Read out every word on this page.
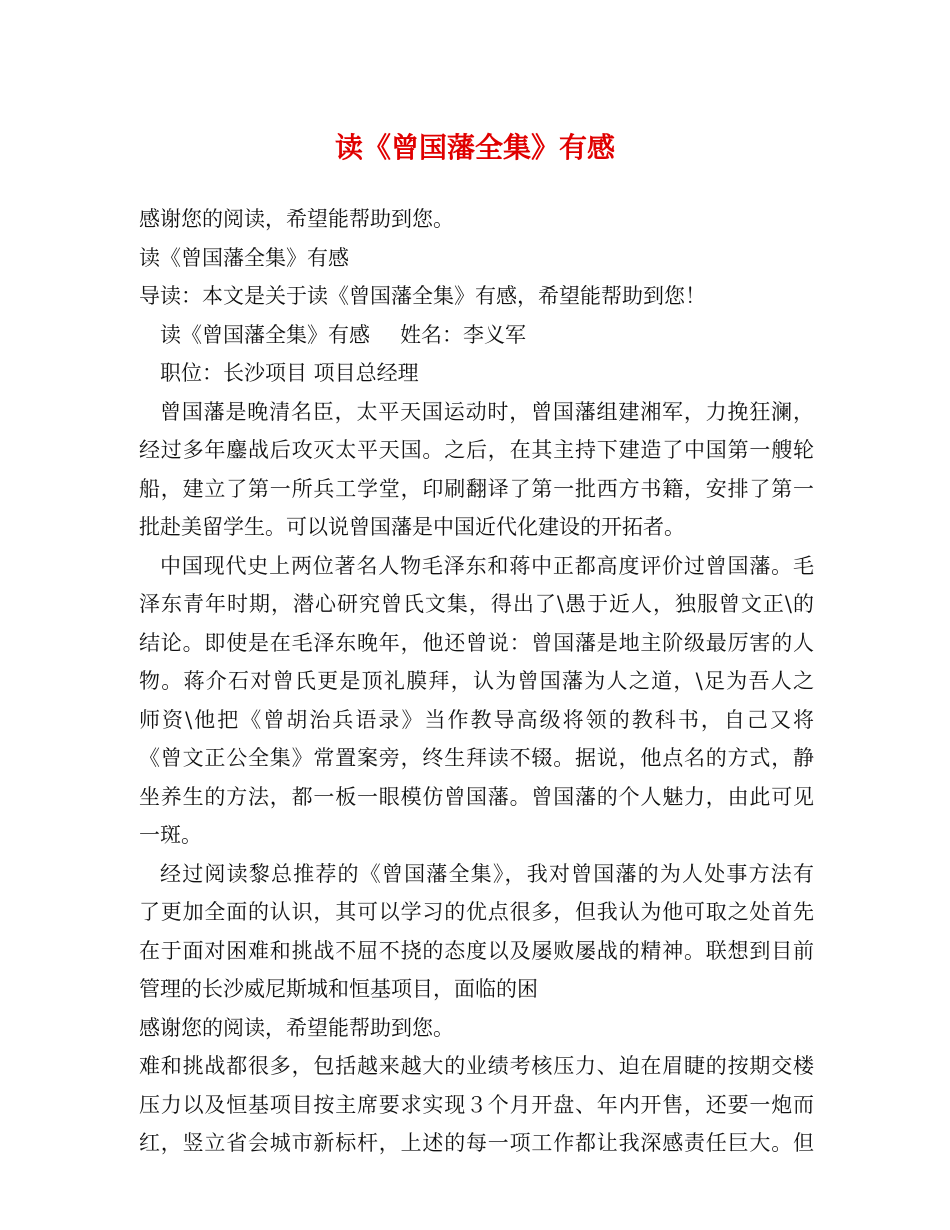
读《曾国藩全集》有感
感谢您的阅读，希望能帮助到您。
读《曾国藩全集》有感
导读：本文是关于读《曾国藩全集》有感，希望能帮助到您！
读《曾国藩全集》有感 姓名：李义军
职位：长沙项目 项目总经理
曾国藩是晚清名臣，太平天国运动时，曾国藩组建湘军，力挽狂澜，
经过多年鏖战后攻灭太平天国。之后，在其主持下建造了中国第一艘轮
船，建立了第一所兵工学堂，印刷翻译了第一批西方书籍，安排了第一
批赴美留学生。可以说曾国藩是中国近代化建设的开拓者。
中国现代史上两位著名人物毛泽东和蒋中正都高度评价过曾国藩。毛
泽东青年时期，潜心研究曾氏文集，得出了\愚于近人，独服曾文正\的
结论。即使是在毛泽东晚年，他还曾说：曾国藩是地主阶级最厉害的人
物。蒋介石对曾氏更是顶礼膜拜，认为曾国藩为人之道，\足为吾人之
师资\他把《曾胡治兵语录》当作教导高级将领的教科书，自己又将
《曾文正公全集》常置案旁，终生拜读不辍。据说，他点名的方式，静
坐养生的方法，都一板一眼模仿曾国藩。曾国藩的个人魅力，由此可见
一斑。
经过阅读黎总推荐的《曾国藩全集》，我对曾国藩的为人处事方法有
了更加全面的认识，其可以学习的优点很多，但我认为他可取之处首先
在于面对困难和挑战不屈不挠的态度以及屡败屡战的精神。联想到目前
管理的长沙威尼斯城和恒基项目，面临的困
感谢您的阅读，希望能帮助到您。
难和挑战都很多，包括越来越大的业绩考核压力、迫在眉睫的按期交楼
压力以及恒基项目按主席要求实现３个月开盘、年内开售，还要一炮而
红，竖立省会城市新标杆，上述的每一项工作都让我深感责任巨大。但
